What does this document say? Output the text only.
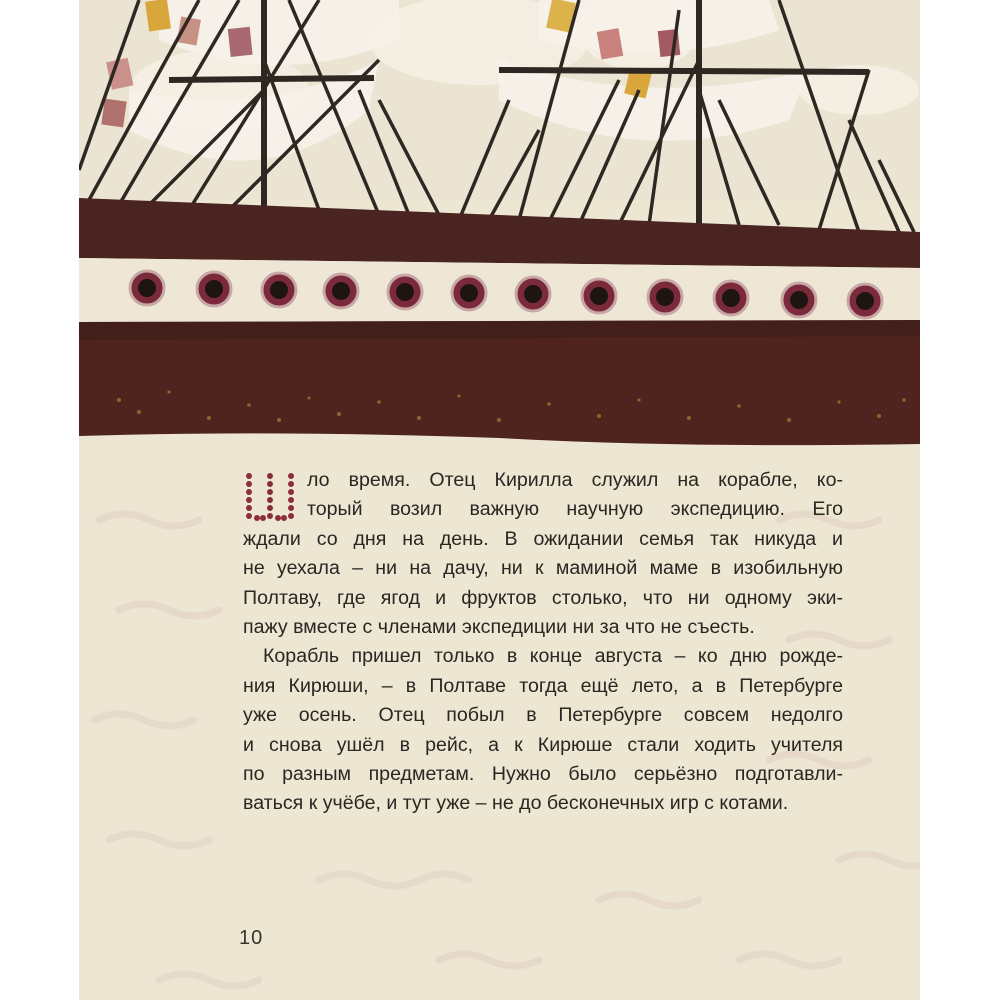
Ш
ло время. Отец Кирилла служил на корабле, ко-
торый возил важную научную экспедицию. Его
ждали со дня на день. В ожидании семья так никуда и
не уехала – ни на дачу, ни к маминой маме в изобильную
Полтаву, где ягод и фруктов столько, что ни одному эки-
пажу вместе с членами экспедиции ни за что не съесть.

Корабль пришел только в конце августа – ко дню рожде-
ния Кирюши, – в Полтаве тогда ещё лето, а в Петербурге
уже осень. Отец побыл в Петербурге совсем недолго
и снова ушёл в рейс, а к Кирюше стали ходить учителя
по разным предметам. Нужно было серьёзно подготавли-
ваться к учёбе, и тут уже – не до бесконечных игр с котами.

10
